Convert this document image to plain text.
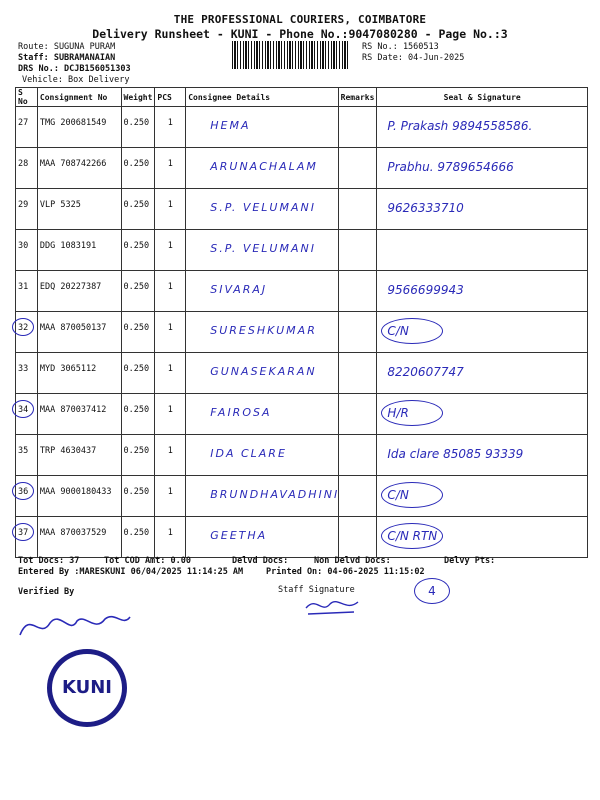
THE PROFESSIONAL COURIERS, COIMBATORE
Delivery Runsheet - KUNI - Phone No.:9047080280 - Page No.:3
Route: SUGUNA PURAM
Staff: SUBRAMANAIAN
DRS No.: DCJB156051303
Vehicle: Box Delivery
RS No.: 1560513
RS Date: 04-Jun-2025
S No	Consignment No	Weight	PCS	Consignee Details	Remarks	Seal & Signature
27	TMG 200681549	0.250	1	HEMA		P. Prakash 9894558586.

28	MAA 708742266	0.250	1	ARUNACHALAM		Prabhu. 9789654666

29	VLP 5325	0.250	1	S.P. VELUMANI		9626333710

30	DDG 1083191	0.250	1	S.P. VELUMANI		

31	EDQ 20227387	0.250	1	SIVARAJ		9566699943

32	MAA 870050137	0.250	1	SURESHKUMAR		C/N

33	MYD 3065112	0.250	1	GUNASEKARAN		8220607747

34	MAA 870037412	0.250	1	FAIROSA		H/R

35	TRP 4630437	0.250	1	IDA CLARE		Ida clare 85085 93339

36	MAA 9000180433	0.250	1	BRUNDHAVADHINI		C/N

37	MAA 870037529	0.250	1	GEETHA		C/N RTN
Tot Docs: 37	Tot COD Amt: 0.00	Delvd Docs:	Non Delvd Docs:	Delvy Pts:
Entered By :MARESKUNI 06/04/2025 11:14:25 AM	Printed On: 04-06-2025 11:15:02
Verified By	Staff Signature	4
KUNI
